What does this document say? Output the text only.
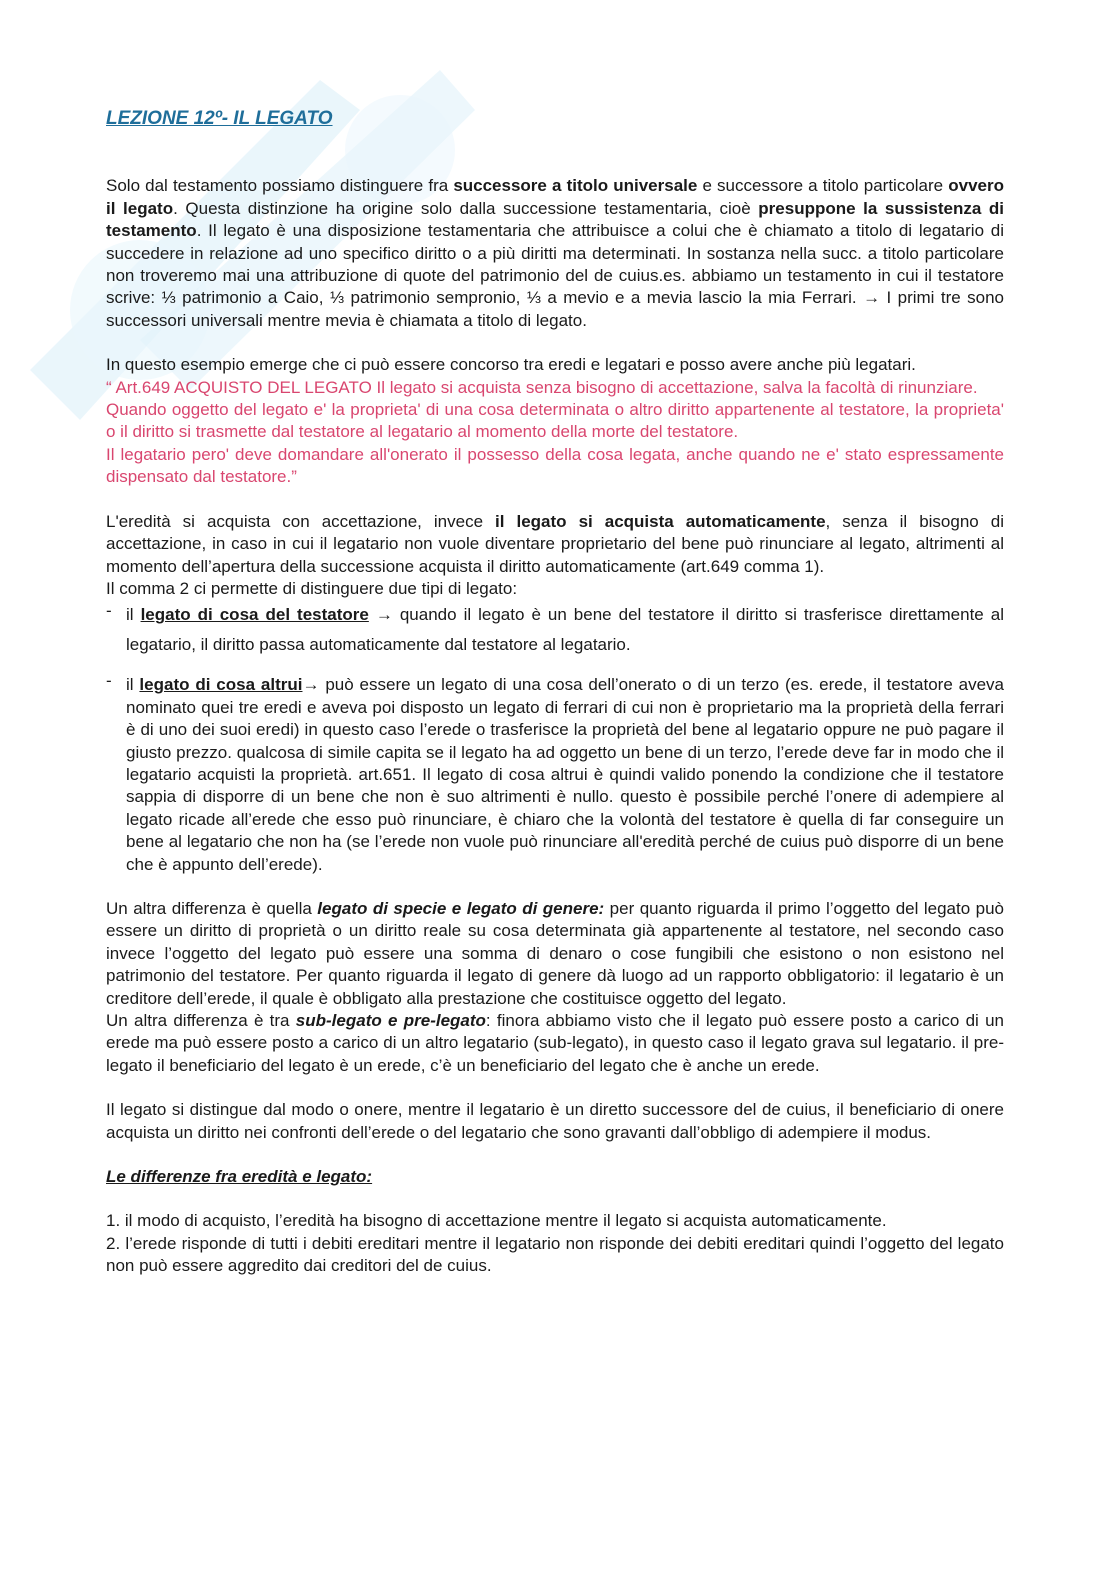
LEZIONE 12º- IL LEGATO

Solo dal testamento possiamo distinguere fra successore a titolo universale e successore a titolo particolare ovvero il legato. Questa distinzione ha origine solo dalla successione testamentaria, cioè presuppone la sussistenza di testamento. Il legato è una disposizione testamentaria che attribuisce a colui che è chiamato a titolo di legatario di succedere in relazione ad uno specifico diritto o a più diritti ma determinati. In sostanza nella succ. a titolo particolare non troveremo mai una attribuzione di quote del patrimonio del de cuius.es. abbiamo un testamento in cui il testatore scrive: ⅓ patrimonio a Caio, ⅓ patrimonio sempronio, ⅓ a mevio e a mevia lascio la mia Ferrari. → I primi tre sono successori universali mentre mevia è chiamata a titolo di legato.

In questo esempio emerge che ci può essere concorso tra eredi e legatari e posso avere anche più legatari.

“ Art.649 ACQUISTO DEL LEGATO Il legato si acquista senza bisogno di accettazione, salva la facoltà di rinunziare.

Quando oggetto del legato e' la proprieta' di una cosa determinata o altro diritto appartenente al testatore, la proprieta' o il diritto si trasmette dal testatore al legatario al momento della morte del testatore.

Il legatario pero' deve domandare all'onerato il possesso della cosa legata, anche quando ne e' stato espressamente dispensato dal testatore.”

L'eredità si acquista con accettazione, invece il legato si acquista automaticamente, senza il bisogno di accettazione, in caso in cui il legatario non vuole diventare proprietario del bene può rinunciare al legato, altrimenti al momento dell’apertura della successione acquista il diritto automaticamente (art.649 comma 1).

Il comma 2 ci permette di distinguere due tipi di legato:

- il legato di cosa del testatore → quando il legato è un bene del testatore il diritto si trasferisce direttamente al legatario, il diritto passa automaticamente dal testatore al legatario.
- il legato di cosa altrui→ può essere un legato di una cosa dell’onerato o di un terzo (es. erede, il testatore aveva nominato quei tre eredi e aveva poi disposto un legato di ferrari di cui non è proprietario ma la proprietà della ferrari è di uno dei suoi eredi) in questo caso l’erede o trasferisce la proprietà del bene al legatario oppure ne può pagare il giusto prezzo. qualcosa di simile capita se il legato ha ad oggetto un bene di un terzo, l’erede deve far in modo che il legatario acquisti la proprietà. art.651. Il legato di cosa altrui è quindi valido ponendo la condizione che il testatore sappia di disporre di un bene che non è suo altrimenti è nullo. questo è possibile perché l’onere di adempiere al legato ricade all’erede che esso può rinunciare, è chiaro che la volontà del testatore è quella di far conseguire un bene al legatario che non ha (se l’erede non vuole può rinunciare all'eredità perché de cuius può disporre di un bene che è appunto dell’erede).

Un altra differenza è quella legato di specie e legato di genere: per quanto riguarda il primo l’oggetto del legato può essere un diritto di proprietà o un diritto reale su cosa determinata già appartenente al testatore, nel secondo caso invece l’oggetto del legato può essere una somma di denaro o cose fungibili che esistono o non esistono nel patrimonio del testatore. Per quanto riguarda il legato di genere dà luogo ad un rapporto obbligatorio: il legatario è un creditore dell’erede, il quale è obbligato alla prestazione che costituisce oggetto del legato.

Un altra differenza è tra sub-legato e pre-legato: finora abbiamo visto che il legato può essere posto a carico di un erede ma può essere posto a carico di un altro legatario (sub-legato), in questo caso il legato grava sul legatario. il pre-legato il beneficiario del legato è un erede, c’è un beneficiario del legato che è anche un erede.

Il legato si distingue dal modo o onere, mentre il legatario è un diretto successore del de cuius, il beneficiario di onere acquista un diritto nei confronti dell’erede o del legatario che sono gravanti dall’obbligo di adempiere il modus.

Le differenze fra eredità e legato:

1. il modo di acquisto, l’eredità ha bisogno di accettazione mentre il legato si acquista automaticamente.

2. l’erede risponde di tutti i debiti ereditari mentre il legatario non risponde dei debiti ereditari quindi l’oggetto del legato non può essere aggredito dai creditori del de cuius.
